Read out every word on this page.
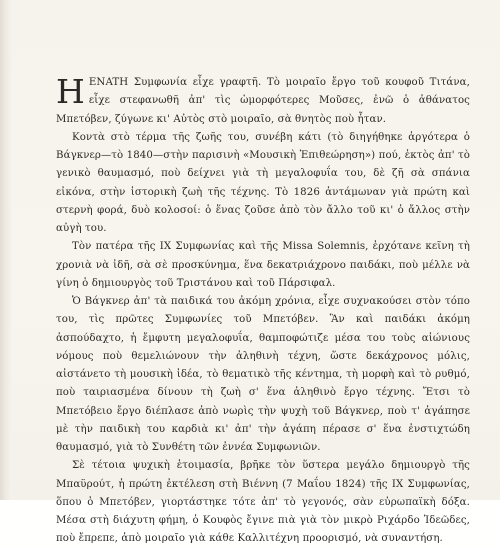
ΗENATH Συμφωνία εἶχε γραφτῆ. Τὸ μοιραῖο ἔργο τοῦ κουφοῦ Τιτάνα, εἶχε στεφανωθῆ ἀπ' τὶς ὡμορφότερες Μοῦσες, ἐνῶ ὁ ἀθάνατος Μπετόβεν, ζύγωνε κι' Αὐτὸς στὸ μοιραῖο, σὰ θνητὸς ποὺ ἦταν.

Κοντὰ στὸ τέρμα τῆς ζωῆς του, συνέβη κάτι (τὸ διηγήθηκε ἀργότερα ὁ Βάγκνερ—τὸ 1840—στὴν παρισινὴ «Μουσικὴ Ἐπιθεώρηση») πού, ἐκτὸς ἀπ' τὸ γενικὸ θαυμασμό, ποὺ δείχνει γιὰ τὴ μεγαλοφυΐα του, δὲ ζῆ σὰ σπάνια εἰκόνα, στὴν ἱστορικὴ ζωὴ τῆς τέχνης. Τὸ 1826 ἀντάμωναν γιὰ πρώτη καὶ στερνὴ φορά, δυὸ κολοσοί: ὁ ἕνας ζοῦσε ἀπὸ τὸν ἄλλο τοῦ κι' ὁ ἄλλος στὴν αὐγὴ του.

Τὸν πατέρα τῆς IX Συμφωνίας καὶ τῆς Missa Solemnis, ἐρχότανε κεῖνη τὴ χρονιὰ νὰ ἰδῆ, σὰ σὲ προσκύνημα, ἕνα δεκατριάχρονο παιδάκι, ποὺ μέλλε νὰ γίνη ὁ δημιουργὸς τοῦ Τριστάνου καὶ τοῦ Πάρσιφαλ.

Ὁ Βάγκνερ ἀπ' τὰ παιδικά του ἀκόμη χρόνια, εἶχε συχνακούσει στὸν τόπο του, τὶς πρῶτες Συμφωνίες τοῦ Μπετόβεν. Ἂν καὶ παιδάκι ἀκόμη ἀσπούδαχτο, ἡ ἔμφυτη μεγαλοφυΐα, θαμποφώτιζε μέσα του τοὺς αἰώνιους νόμους ποὺ θεμελιώνουν τὴν ἀληθινὴ τέχνη, ὥστε δεκάχρονος μόλις, αἰστάνετο τὴ μουσικὴ ἰδέα, τὸ θεματικὸ τῆς κέντημα, τὴ μορφὴ καὶ τὸ ρυθμό, ποὺ ταιριασμένα δίνουν τὴ ζωὴ σ' ἕνα ἀληθινὸ ἔργο τέχνης. Ἔτσι τὸ Μπετόβειο ἔργο διέπλασε ἀπὸ νωρὶς τὴν ψυχὴ τοῦ Βάγκνερ, ποὺ τ' ἀγάπησε μὲ τὴν παιδικὴ του καρδιὰ κι' ἀπ' τὴν ἀγάπη πέρασε σ' ἕνα ἐνστιχτώδη θαυμασμό, γιὰ τὸ Συνθέτη τῶν ἐννέα Συμφωνιῶν.

Σὲ τέτοια ψυχικὴ ἑτοιμασία, βρῆκε τὸν ὕστερα μεγάλο δημιουργὸ τῆς Μπαϋρούτ, ἡ πρώτη ἐκτέλεση στὴ Βιέννη (7 Μαΐου 1824) τῆς IX Συμφωνίας, ὅπου ὁ Μπετόβεν, γιορτάστηκε τότε ἀπ' τὸ γεγονός, σὰν εὐρωπαϊκὴ δόξα. Μέσα στὴ διάχυτη φήμη, ὁ Κουφὸς ἔγινε πιὰ γιὰ τὸν μικρὸ Ριχάρδο Ἰδεῶδες, ποὺ ἔπρεπε, ἀπὸ μοιραῖο γιὰ κάθε Καλλιτέχνη προορισμό, νὰ συναντήση.
